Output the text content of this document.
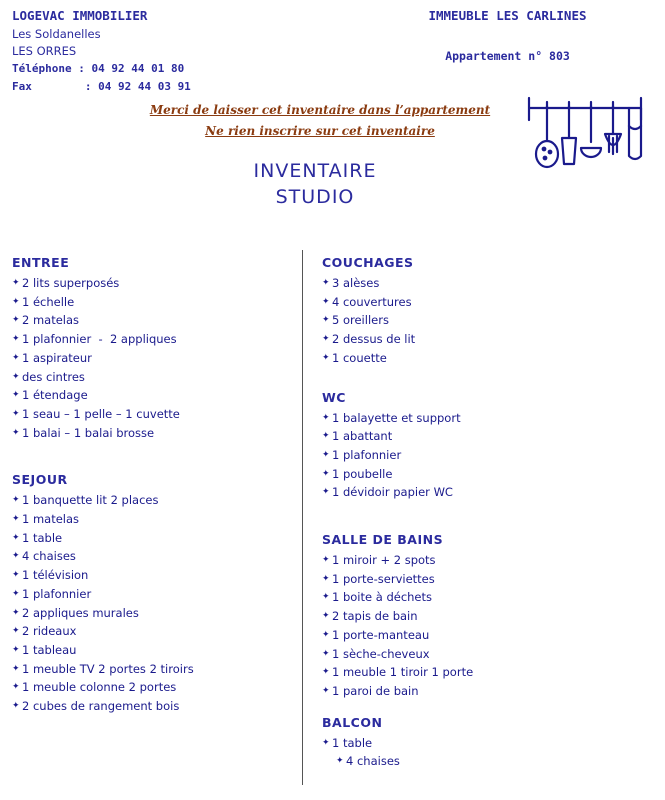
LOGEVAC IMMOBILIER
Les Soldanelles
LES ORRES
Téléphone : 04 92 44 01 80
Fax        : 04 92 44 03 91
IMMEUBLE LES CARLINES
Appartement n° 803
Merci de laisser cet inventaire dans l’appartement
Ne rien inscrire sur cet inventaire
INVENTAIRE
STUDIO
ENTREE
✦ 2 lits superposés
✦ 1 échelle
✦ 2 matelas
✦ 1 plafonnier  -  2 appliques
✦ 1 aspirateur
✦ des cintres
✦ 1 étendage
✦ 1 seau – 1 pelle – 1 cuvette
✦ 1 balai – 1 balai brosse
SEJOUR
✦ 1 banquette lit 2 places
✦ 1 matelas
✦ 1 table
✦ 4 chaises
✦ 1 télévision
✦ 1 plafonnier
✦ 2 appliques murales
✦ 2 rideaux
✦ 1 tableau
✦ 1 meuble TV 2 portes 2 tiroirs
✦ 1 meuble colonne 2 portes
✦ 2 cubes de rangement bois
COUCHAGES
✦ 3 alèses
✦ 4 couvertures
✦ 5 oreillers
✦ 2 dessus de lit
✦ 1 couette
WC
✦ 1 balayette et support
✦ 1 abattant
✦ 1 plafonnier
✦ 1 poubelle
✦ 1 dévidoir papier WC
SALLE DE BAINS
✦ 1 miroir + 2 spots
✦ 1 porte-serviettes
✦ 1 boite à déchets
✦ 2 tapis de bain
✦ 1 porte-manteau
✦ 1 sèche-cheveux
✦ 1 meuble 1 tiroir 1 porte
✦ 1 paroi de bain
BALCON
✦ 1 table
✦ 4 chaises
